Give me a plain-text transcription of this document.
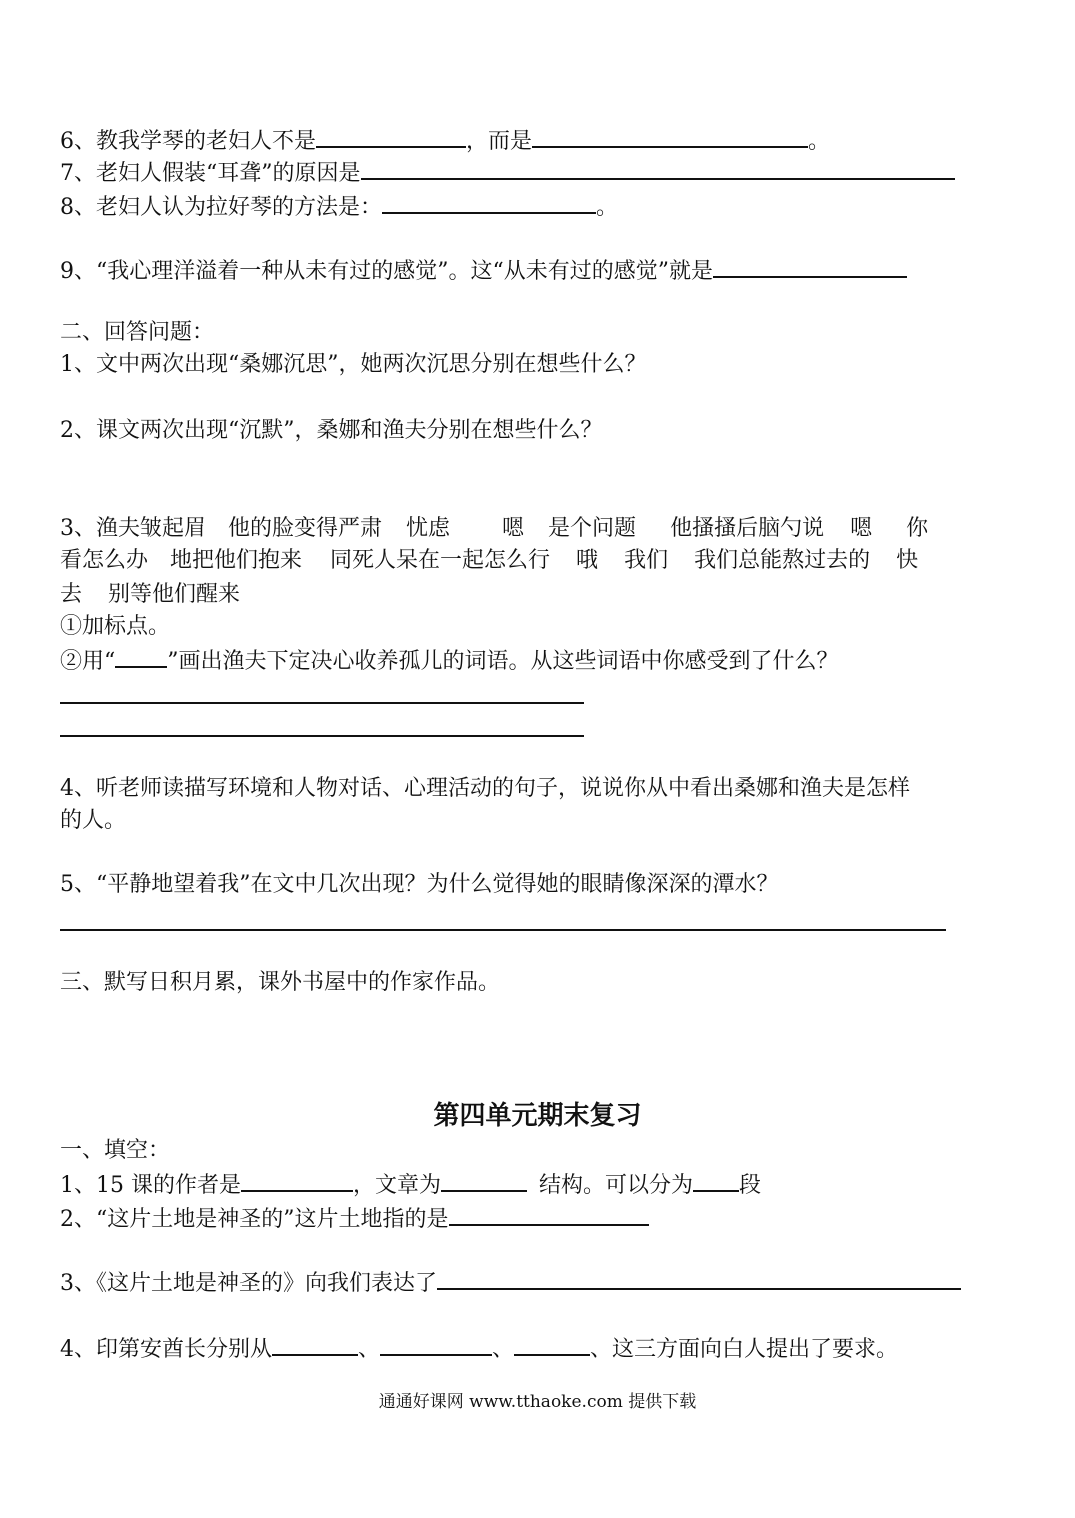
6、教我学琴的老妇人不是	，而是	。
7、老妇人假装“耳聋”的原因是
8、老妇人认为拉好琴的方法是：	。
9、“我心理洋溢着一种从未有过的感觉”。这“从未有过的感觉”就是
二、回答问题：
1、文中两次出现“桑娜沉思”，她两次沉思分别在想些什么？
2、课文两次出现“沉默”，桑娜和渔夫分别在想些什么？
3、渔夫皱起眉 他的脸变得严肃 忧虑 嗯 是个问题 他搔搔后脑勺说 嗯 你
看怎么办 地把他们抱来 同死人呆在一起怎么行 哦 我们 我们总能熬过去的 快
去 别等他们醒来
①加标点。
②用“ ”画出渔夫下定决心收养孤儿的词语。从这些词语中你感受到了什么？
4、听老师读描写环境和人物对话、心理活动的句子，说说你从中看出桑娜和渔夫是怎样
的人。
5、“平静地望着我”在文中几次出现？为什么觉得她的眼睛像深深的潭水？
三、默写日积月累，课外书屋中的作家作品。
第四单元期末复习
一、填空：
1、15 课的作者是	，文章为	结构。可以分为 段
2、“这片土地是神圣的”这片土地指的是
3、《这片土地是神圣的》向我们表达了
4、印第安酋长分别从	、	、	、这三方面向白人提出了要求。
通通好课网 www.tthaoke.com 提供下载
